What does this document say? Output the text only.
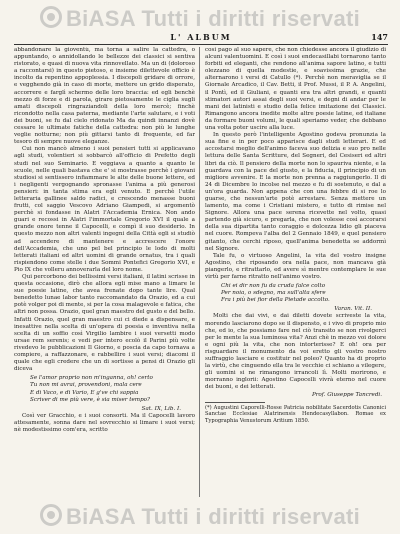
L' ALBUM	147

abbandonare la gioventù, ma torna a salire la cattedra, o appuntando, o annidollando le bellezze dei classici si sentiva ristorato, e quasi di nuova vita rinnovellato. Ma un di (doloroso a raccontarsi) in questo pietoso, e insieme dilettevole officio è incolto da repentino appoplessia. I discepoli gridare di orrore, e vegghendo già in caso di morte, mettere un grido disperato, accorrere e farglì schermo delle loro braccia: ed egli benchè mezzo di forze e di parola, girare pietosamente le ciglia sugli amati discepoli ringraziandoli della loro mercè; finchè ricondotto nella casa paterna, mediante l'arte salutare, e i voti dei buoni, se fu dal cielo ridonato Ma da quindi innanzi dovè cessare le ultimate fatiche della cattedra: non più le lunghe veglie notturne; non più gittarsi tanto di frequente, ed far tesoro di sempre nuove eleganze.

Cui non mancò almeno i suoi pensieri tutti si applicavano agli studi, volentieri si sobbarcò all'officio di Prefetto degli studi nel suo Seminario. E veggiavа a quanto a quanto le scuole, nelle quali bastava che e' si mostrasse perchè i giovani studiosi si sentissero infiammare le alte delle buone lettere, ed i negligenti vergognando spronasse l'anima a più generosi pensieri: in tanta stima era egli venuto. E perchè l'utile letteraria gallinee saldo radici, e crescendo menasse buoni frutti, col saggio Vescovo Adriano Giampedi, si argomentò perchè si fondasse in Alatri l'Accademia Ernica. Non ando guari e recossi in Alatri l'immortale Gregorio XVI il quale a grande onore tenne il Capocelli, e compì il suo desiderio. In questo mezzo non altri valenti ingegni della Città egli si studiò ad accendere di mantenere e accrescere l'onore dell'Accademia, che uno pel bel principio le lodo di molti letterati italiani ed altri uomini di grande ornatus, tra i quali rispiendono come stelle i due Sommi Pontefici Gregorio XVI, e Pio IX che volleru annoverarla del loro nome.

Qui percorbono dei bellissimi versi italiani, il latini scrisse in questa occasione, dirò che allora egli mise mano a limare le sue poesie latine, che avea frenate dopo tante lire. Qual benedetto lunae labor tanto raccomandato da Orazio, ed a cui potè volger poi di mente, si per la cosa malagevole e fatica, che altri non possa. Orazio, quel gran maestro del gusto e del bello. Infatti Orazio, quel gran maestro cui ci diede a dispensare, e inesattive nella scelta di un'opera di poesia e inventiva nella scelta di un soffio così Virgilio lambire i suoi versetti modo ursae rem serenis; e vedi per intero ecolò il Parini più volte rivedevo le pubblicazioni Il Giorno, e poscia da capo tornava a compiere, a raffazzonare, e rabbellire i suoi versi; diacomi il quale che egli credere che un di sortisse a pensi di Orazio gli diceva

Se l'amor proprio non m'inganna, oh! certo
Tu non mi avrai, provendoni, mala cere
E di Vaco, e di Vario, E g've chi sappia
Scriver di me più vere, è sia miser tempo?
Sat. IX, Lib. I.

Così ver Gracchio, e i suoi consorti. Ma il Capocelli lavoro attesamente, sonna dare nel sovrecchio si limare i suoi versi; nè modestissimo com'era, scritto

cosi pago al suo sapere, che non chiedesse ancora il giudizio di alcuni valentuomini. E così i suoi endecasillabi tornarono tanto forbiti ed eleganti, che rendono all'anima sapore latino, e tutti olezzano di quella modestie, e soavissima grazie, che alternarono i versi di Catullo (*). Perchè non meraviglia se il Giornale Arcadico, il Cav. Betti, il Prof. Mussi, il P. A. Angelini, il Pontì, ed il Giuliani, e quanti era tra altri grandi, e quanti stimatori autori assai degli suoi versi, e degni di andar per le mani dei latinisti e studio della felice imitazione dei Classici. Rimangono ancora inedite molte altre poesie latine, ed italiane da formare buoni volumi, le quali speriamo veder, che debbano una volta poter uscire alla luce.

In questo però l'intelligente Agostino godeva pronunzia la sua fine e in per poco apparisce dagli studi letterari. E ed accostarsi meglio dell'animo faceva suo delizia e suo pro nelle lettura delle Santa Scritture, del Segneri, del Cesiseri ed altri libri da ciò. Il pensiero della morte non lo spauriva niente, e la guardava con la pace del giusto, e la fiducia, il principio di un migliore avvenire. E la morte non prenna a raggiungerlo. Il di 24 di Dicembre lo incolse nel mezzo e fu di sostenuto, e dal a un'ora guarda. Non appena che con una febbre di si roe lo guarse, che nessun'arte potè arrestare. Senza mettere un lamento, ma come i Cristiani mistero, e tutto di rimise nel Signore. Allora una pace serena ricevette nel volto, quasi partendo già sicuro, e pregarla, che non volesse così accorarsi della sua dipartita tanto coraggio e dolcezza lidio gli piaceva nel cuore. Rompeva l'alba del 2 Gennaio 1849, e quel pensiero gitanto, che cerchi riposo, quell'anima benedetta se addormì nel Signore.

Tale fu, o virtuoso Angelini, la vita del vostro insigne Agostino, che riposando ora nella pace, non mancava già piangerlo, e ritrattarlo, ed avere sì mentre contemplare le sue virtù per farne ritratto nell'animo vostro.

Chi ei dir non fu da cruda falce colto
Per noia, o sdegno, ma sull'alta sfere
Fra i più bei fior della Pietade accolto.
Varan. Vit. II.

Molti che dai vivi, e dai diletti dovete scriveste la vita, morendo lasciarono dopo se il dispensto, e i vivo di proprio mio che, ed io, che possiamo fare nel ciò transito se non rivolgerci per le mente la sua luminosa vita? Anzi chè in mezzo voi dolore e ogni più la vita, che non intorterisse? E oh! ora per risguardare il monumento da voi eretto gli vostro nostro suffraggio lasciare e costituir nel poleo? Quanto ha di proprio la virtù, che cinguendo ella tra le vecchie ci schiano a vilegere, gli uomini si ne rimangono irrancoli lì. Molti morirono, e morranno inglorii: Agostino Capocelli vivrà eterno nel cuore dei buoni, e dei letterati.

Prof. Giuseppe Tancredi.

(*) Augustini Caporelli-Rosse Patricia nobilitate Sacerdotis Canonici Sanctae Ecclesiae Alatrinensis Hendecasyllabon. Romae ex Typographia Venustorum Aritium 1850.

BiASA Tutti i diritti riservati
BiASA Tutti i diritti riservati
